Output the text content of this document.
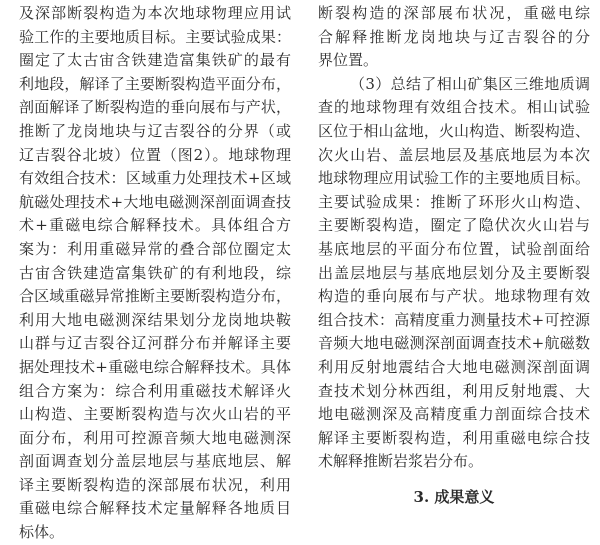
及深部断裂构造为本次地球物理应用试
验工作的主要地质目标。主要试验成果：
圈定了太古宙含铁建造富集铁矿的最有
利地段，解译了主要断裂构造平面分布，
剖面解译了断裂构造的垂向展布与产状，
推断了龙岗地块与辽吉裂谷的分界（或
辽吉裂谷北坡）位置（图2）。地球物理
有效组合技术：区域重力处理技术+区域
航磁处理技术+大地电磁测深剖面调查技
术+重磁电综合解释技术。具体组合方
案为：利用重磁异常的叠合部位圈定太
古宙含铁建造富集铁矿的有利地段，综
合区域重磁异常推断主要断裂构造分布，
利用大地电磁测深结果划分龙岗地块鞍
山群与辽吉裂谷辽河群分布并解译主要
据处理技术+重磁电综合解释技术。具体
组合方案为：综合利用重磁技术解译火
山构造、主要断裂构造与次火山岩的平
面分布，利用可控源音频大地电磁测深
剖面调查划分盖层地层与基底地层、解
译主要断裂构造的深部展布状况，利用
重磁电综合解释技术定量解释各地质目
标体。
断裂构造的深部展布状况，重磁电综
合解释推断龙岗地块与辽吉裂谷的分
界位置。
（3）总结了相山矿集区三维地质调
查的地球物理有效组合技术。相山试验
区位于相山盆地，火山构造、断裂构造、
次火山岩、盖层地层及基底地层为本次
地球物理应用试验工作的主要地质目标。
主要试验成果：推断了环形火山构造、
主要断裂构造，圈定了隐伏次火山岩与
基底地层的平面分布位置，试验剖面给
出盖层地层与基底地层划分及主要断裂
构造的垂向展布与产状。地球物理有效
组合技术：高精度重力测量技术+可控源
音频大地电磁测深剖面调查技术+航磁数
利用反射地震结合大地电磁测深剖面调
查技术划分林西组，利用反射地震、大
地电磁测深及高精度重力剖面综合技术
解译主要断裂构造，利用重磁电综合技
术解释推断岩浆岩分布。
3. 成果意义
